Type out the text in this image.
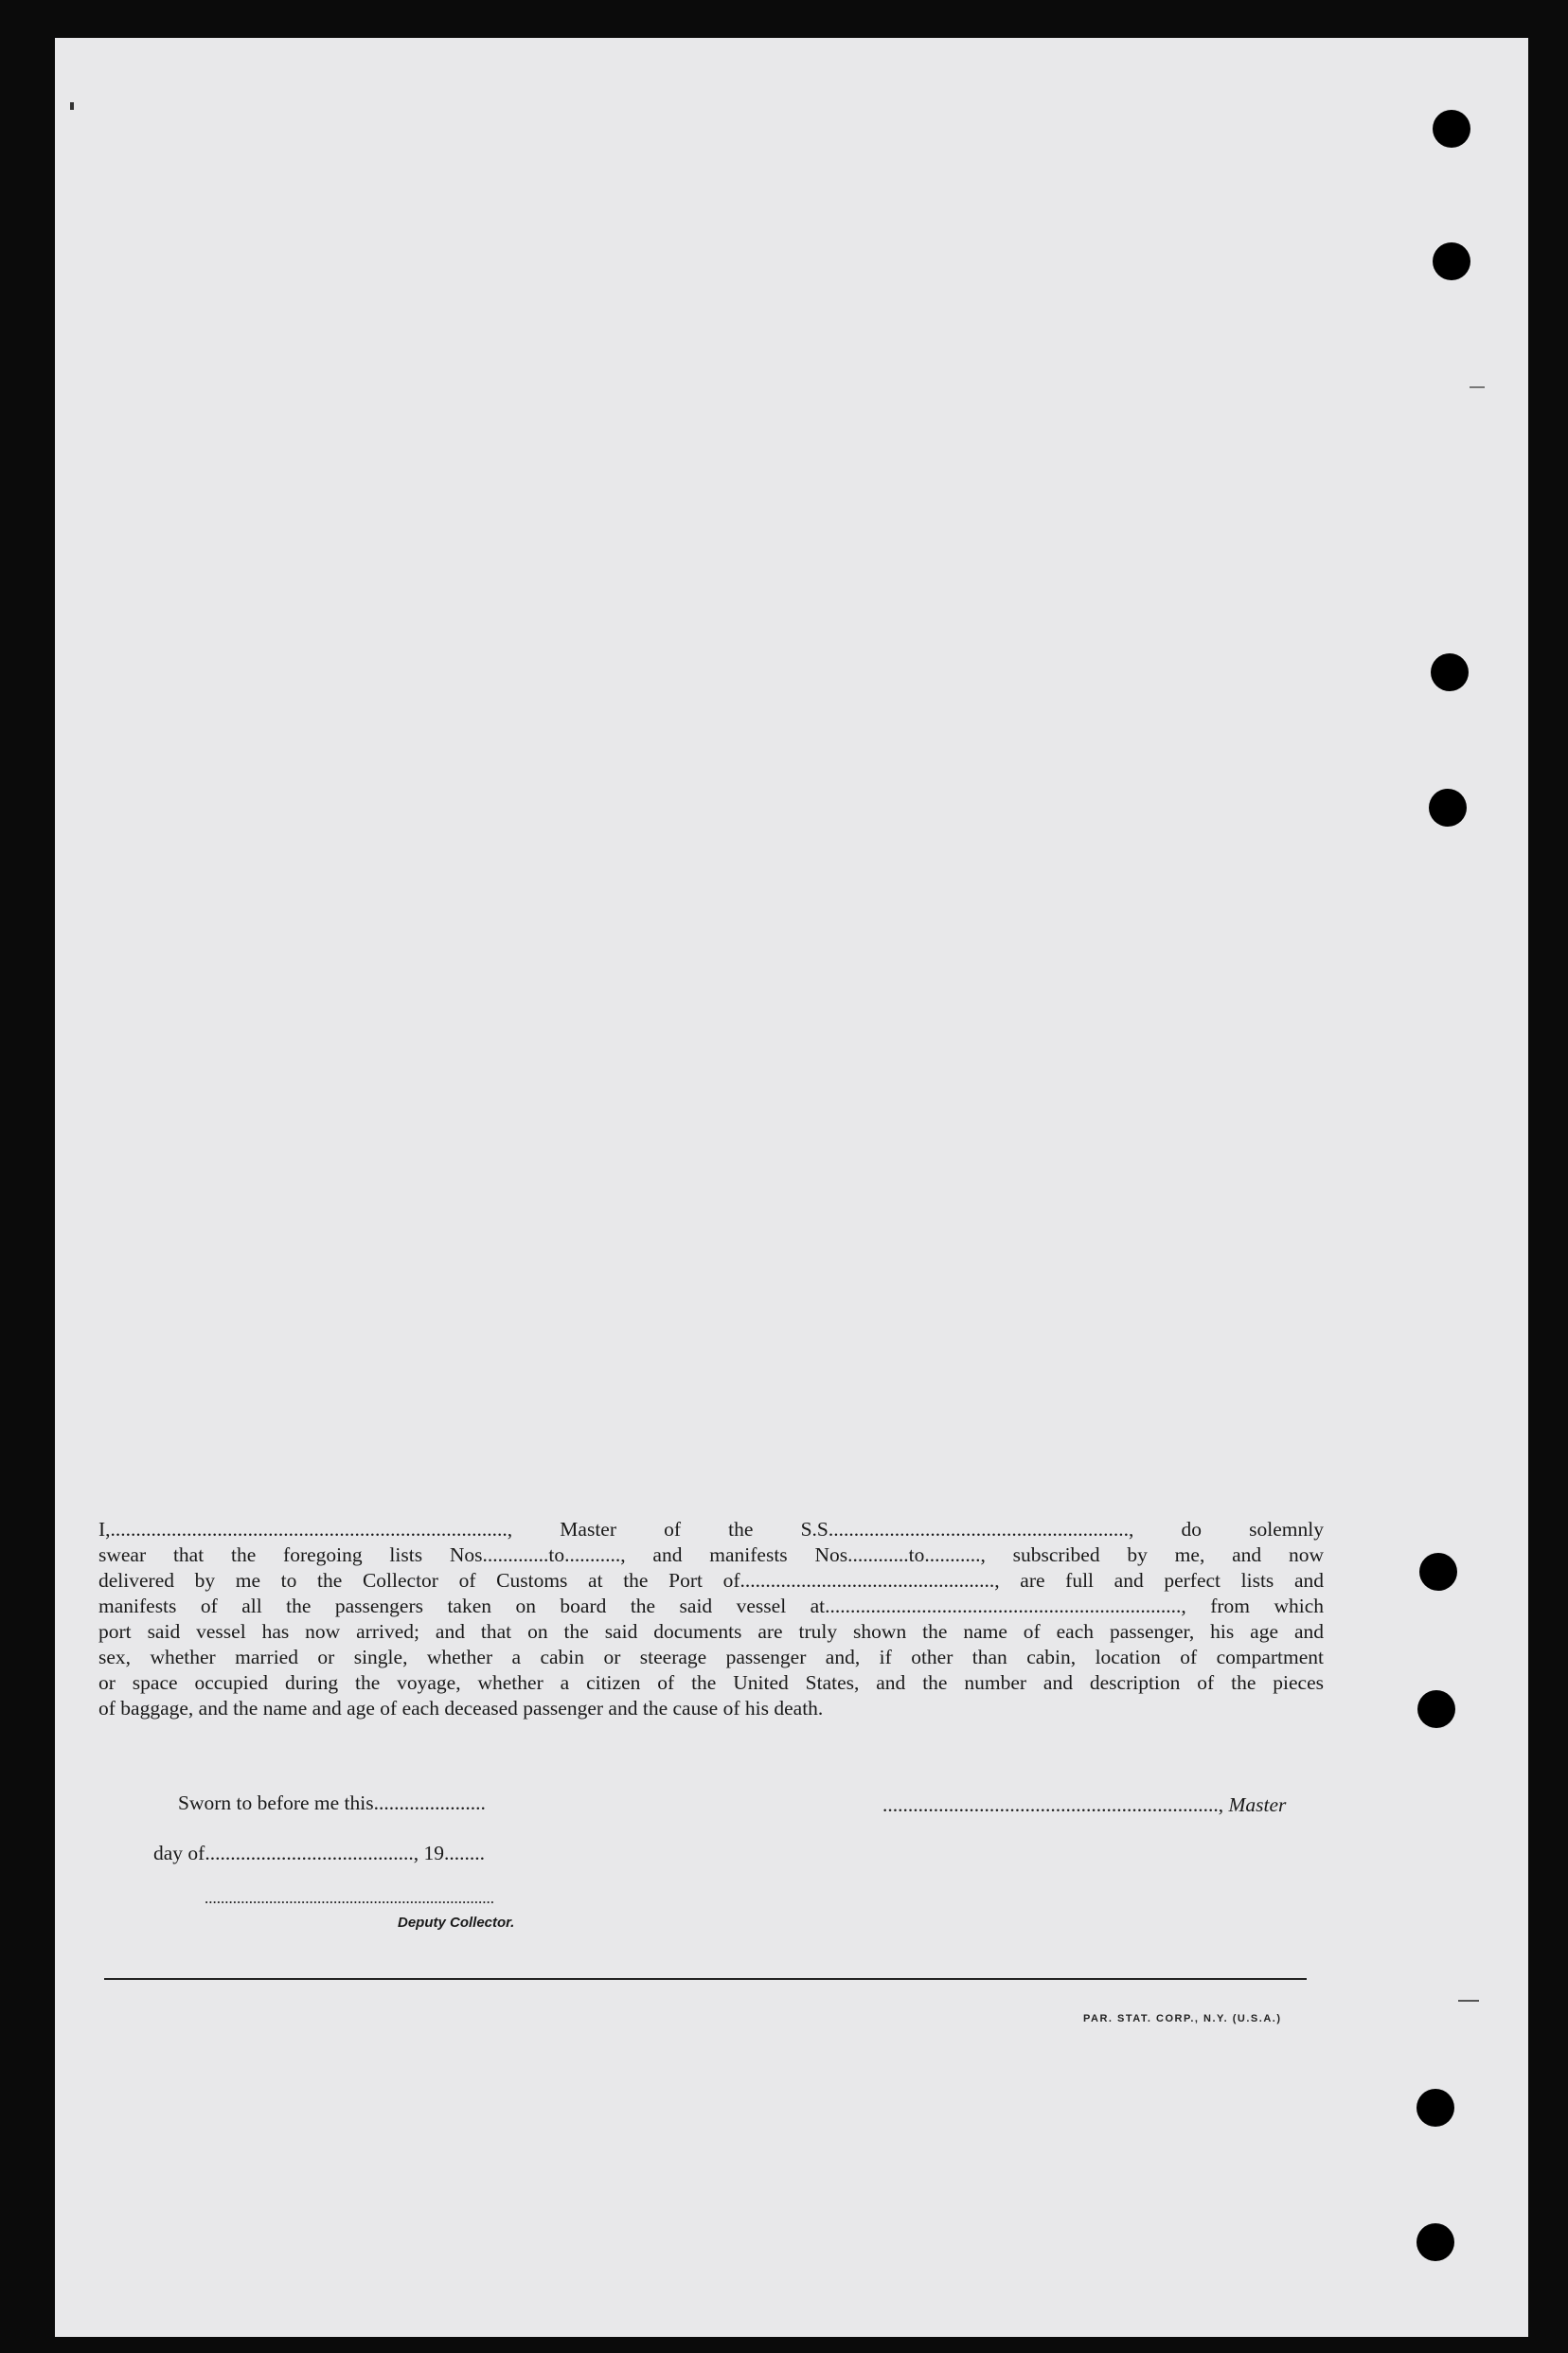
I,.............................................................................., Master of the S.S..........................................................., do solemnly
swear that the foregoing lists Nos.............to..........., and manifests Nos............to..........., subscribed by me, and now
delivered by me to the Collector of Customs at the Port of.................................................., are full and perfect lists and
manifests of all the passengers taken on board the said vessel at......................................................................, from which
port said vessel has now arrived; and that on the said documents are truly shown the name of each passenger, his age and
sex, whether married or single, whether a cabin or steerage passenger and, if other than cabin, location of compartment
or space occupied during the voyage, whether a citizen of the United States, and the number and description of the pieces
of baggage, and the name and age of each deceased passenger and the cause of his death.
Sworn to before me this......................	.................................................................., Master
day of........................................., 19........
........................................................................
Deputy Collector.
PAR. STAT. CORP., N.Y. (U.S.A.)
